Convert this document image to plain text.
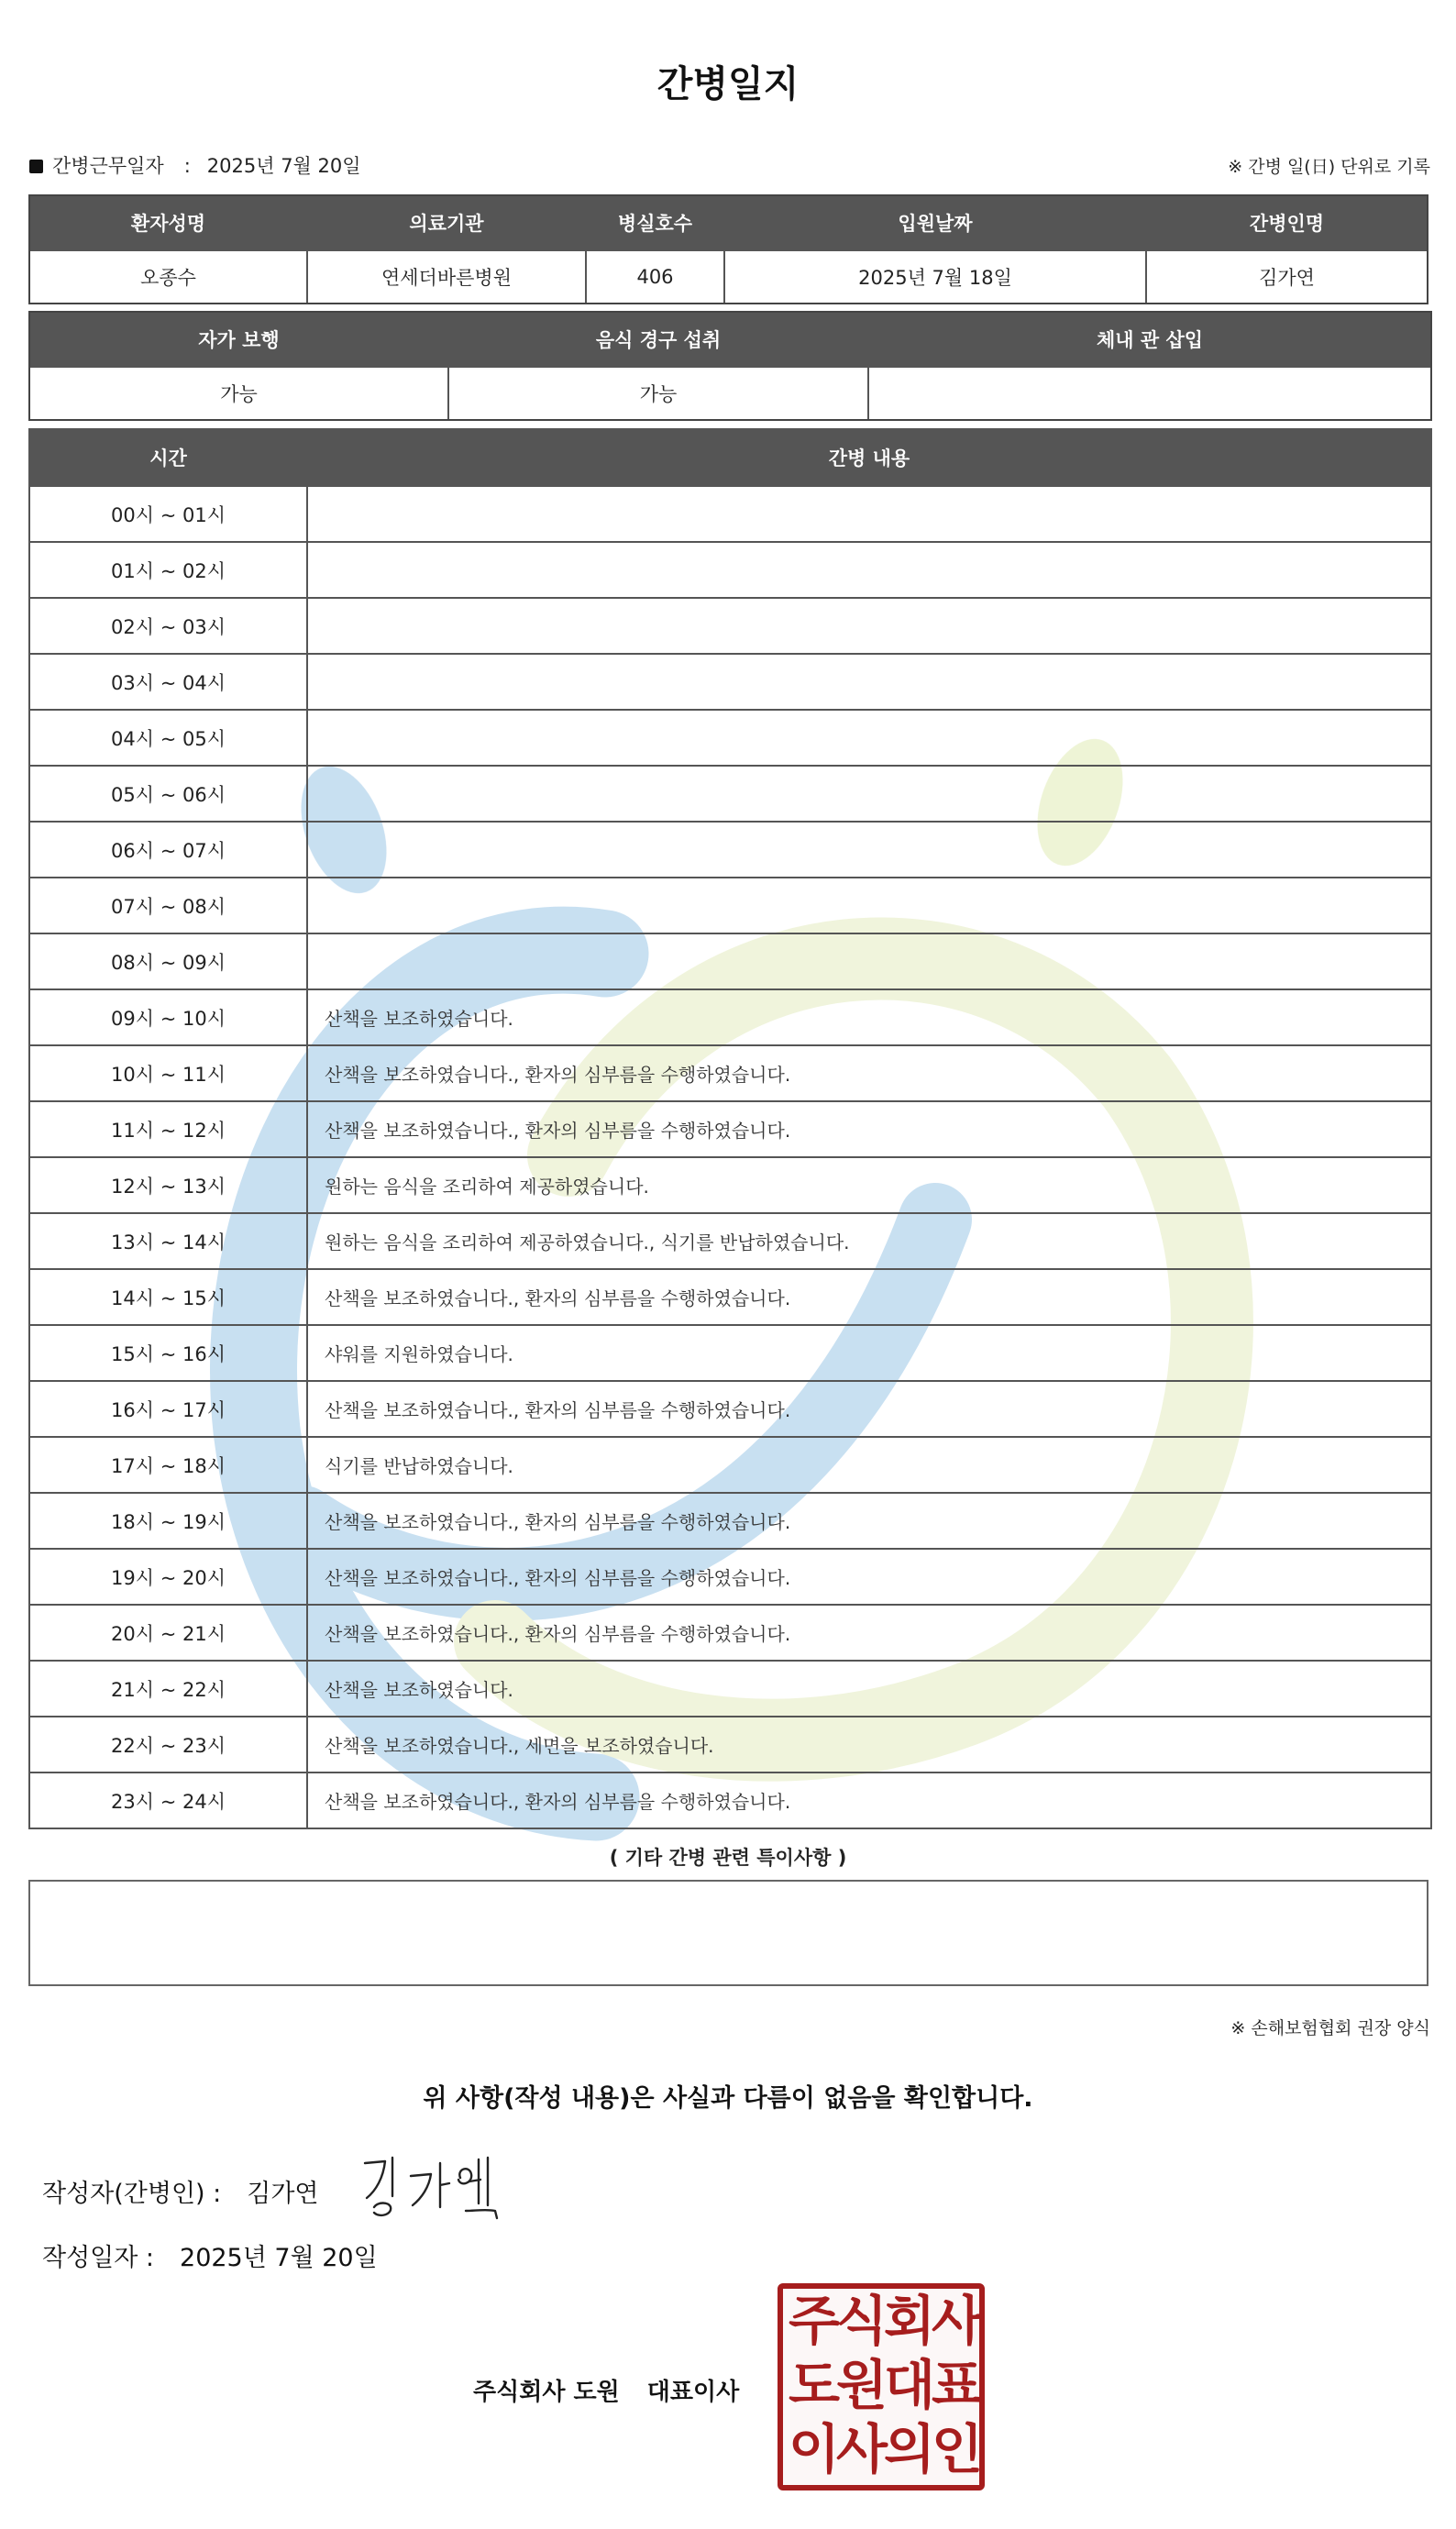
간병일지
간병근무일자 : 2025년 7월 20일	※ 간병 일(日) 단위로 기록
환자성명	의료기관	병실호수	입원날짜	간병인명
오종수	연세더바른병원	406	2025년 7월 18일	김가연
자가 보행	음식 경구 섭취	체내 관 삽입
가능	가능	
시간	간병 내용
00시 ~ 01시	
01시 ~ 02시	
02시 ~ 03시	
03시 ~ 04시	
04시 ~ 05시	
05시 ~ 06시	
06시 ~ 07시	
07시 ~ 08시	
08시 ~ 09시	
09시 ~ 10시	산책을 보조하였습니다.
10시 ~ 11시	산책을 보조하였습니다., 환자의 심부름을 수행하였습니다.
11시 ~ 12시	산책을 보조하였습니다., 환자의 심부름을 수행하였습니다.
12시 ~ 13시	원하는 음식을 조리하여 제공하였습니다.
13시 ~ 14시	원하는 음식을 조리하여 제공하였습니다., 식기를 반납하였습니다.
14시 ~ 15시	산책을 보조하였습니다., 환자의 심부름을 수행하였습니다.
15시 ~ 16시	샤워를 지원하였습니다.
16시 ~ 17시	산책을 보조하였습니다., 환자의 심부름을 수행하였습니다.
17시 ~ 18시	식기를 반납하였습니다.
18시 ~ 19시	산책을 보조하였습니다., 환자의 심부름을 수행하였습니다.
19시 ~ 20시	산책을 보조하였습니다., 환자의 심부름을 수행하였습니다.
20시 ~ 21시	산책을 보조하였습니다., 환자의 심부름을 수행하였습니다.
21시 ~ 22시	산책을 보조하였습니다.
22시 ~ 23시	산책을 보조하였습니다., 세면을 보조하였습니다.
23시 ~ 24시	산책을 보조하였습니다., 환자의 심부름을 수행하였습니다.
( 기타 간병 관련 특이사항 )
※ 손해보험협회 권장 양식
위 사항(작성 내용)은 사실과 다름이 없음을 확인합니다.
작성자(간병인) : 김가연
작성일자 : 2025년 7월 20일
주식회사 도원 대표이사
주
식
회
사
도
원
대
표
이
사
의
인
